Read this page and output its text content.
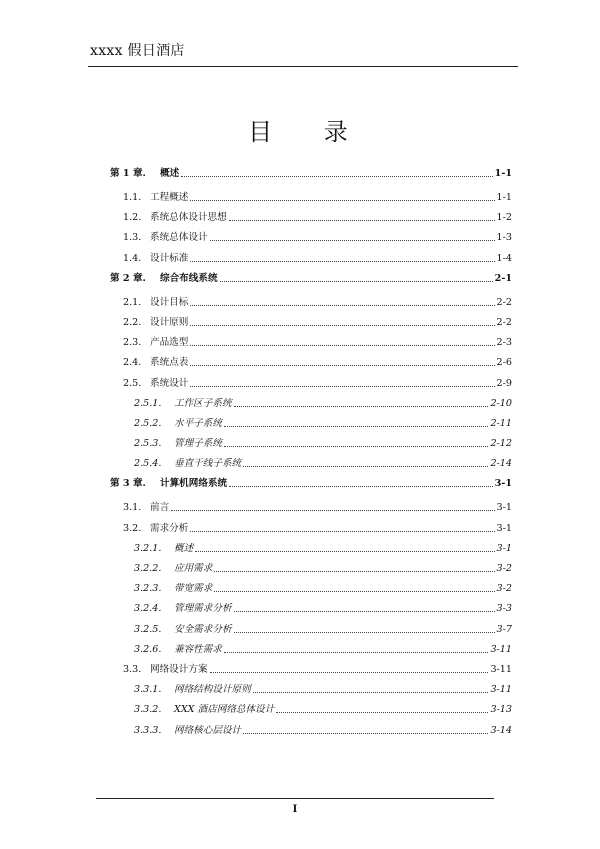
xxxx 假日酒店
目 录
第 1 章.	概述	1-1
1.1. 工程概述	1-1
1.2. 系统总体设计思想	1-2
1.3. 系统总体设计	1-3
1.4. 设计标准	1-4
第 2 章.	综合布线系统	2-1
2.1. 设计目标	2-2
2.2. 设计原则	2-2
2.3. 产品选型	2-3
2.4. 系统点表	2-6
2.5. 系统设计	2-9
2.5.1.	工作区子系统	2-10
2.5.2.	水平子系统	2-11
2.5.3.	管理子系统	2-12
2.5.4.	垂直干线子系统	2-14
第 3 章.	计算机网络系统	3-1
3.1. 前言	3-1
3.2. 需求分析	3-1
3.2.1.	概述	3-1
3.2.2.	应用需求	3-2
3.2.3.	带宽需求	3-2
3.2.4.	管理需求分析	3-3
3.2.5.	安全需求分析	3-7
3.2.6.	兼容性需求	3-11
3.3. 网络设计方案	3-11
3.3.1.	网络结构设计原则	3-11
3.3.2.	XXX 酒店网络总体设计	3-13
3.3.3.	网络核心层设计	3-14
I
